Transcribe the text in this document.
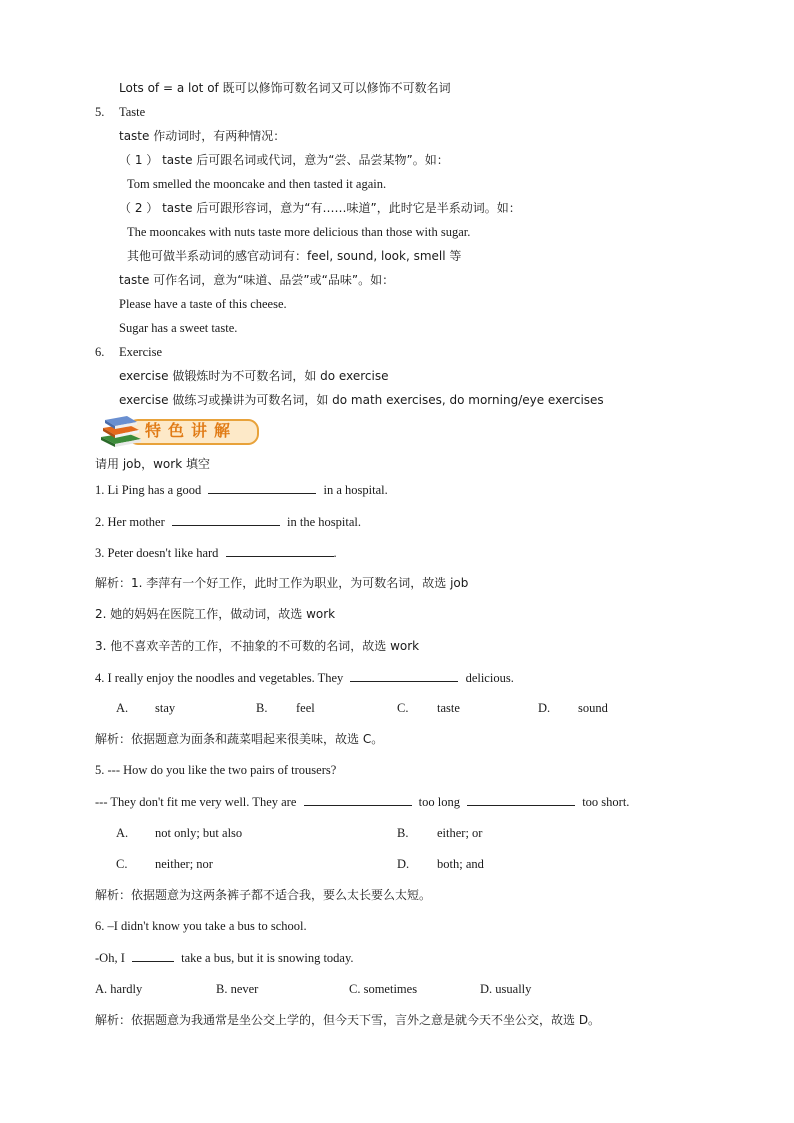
Lots of = a lot of 既可以修饰可数名词又可以修饰不可数名词
5. Taste
taste 作动词时，有两种情况：
（ 1 ） taste 后可跟名词或代词，意为“尝、品尝某物”。如：
Tom smelled the mooncake and then tasted it again.
（ 2 ） taste 后可跟形容词，意为“有……味道”，此时它是半系动词。如：
The mooncakes with nuts taste more delicious than those with sugar.
其他可做半系动词的感官动词有：feel, sound, look, smell 等
taste 可作名词，意为“味道、品尝”或“品味”。如：
Please have a taste of this cheese.
Sugar has a sweet taste.
6. Exercise
exercise 做锻炼时为不可数名词，如 do exercise
exercise 做练习或操讲为可数名词，如 do math exercises, do morning/eye exercises
特色讲解
请用 job，work 填空
1. Li Ping has a good	in a hospital.
2. Her mother	in the hospital.
3. Peter doesn't like hard	.
解析：1. 李萍有一个好工作，此时工作为职业，为可数名词，故选 job
2. 她的妈妈在医院工作，做动词，故选 work
3. 他不喜欢辛苦的工作，不抽象的不可数的名词，故选 work
4. I really enjoy the noodles and vegetables. They	delicious.
A. stay	B. feel	C. taste	D. sound
解析：依据题意为面条和蔬菜唱起来很美味，故选 C。
5. --- How do you like the two pairs of trousers?
--- They don't fit me very well. They are	too long	too short.
A. not only; but also	B. either; or
C. neither; nor	D. both; and
解析：依据题意为这两条裤子都不适合我，要么太长要么太短。
6. –I didn't know you take a bus to school.
-Oh, I	take a bus, but it is snowing today.
A. hardly	B. never	C. sometimes	D. usually
解析：依据题意为我通常是坐公交上学的，但今天下雪，言外之意是就今天不坐公交，故选 D。
